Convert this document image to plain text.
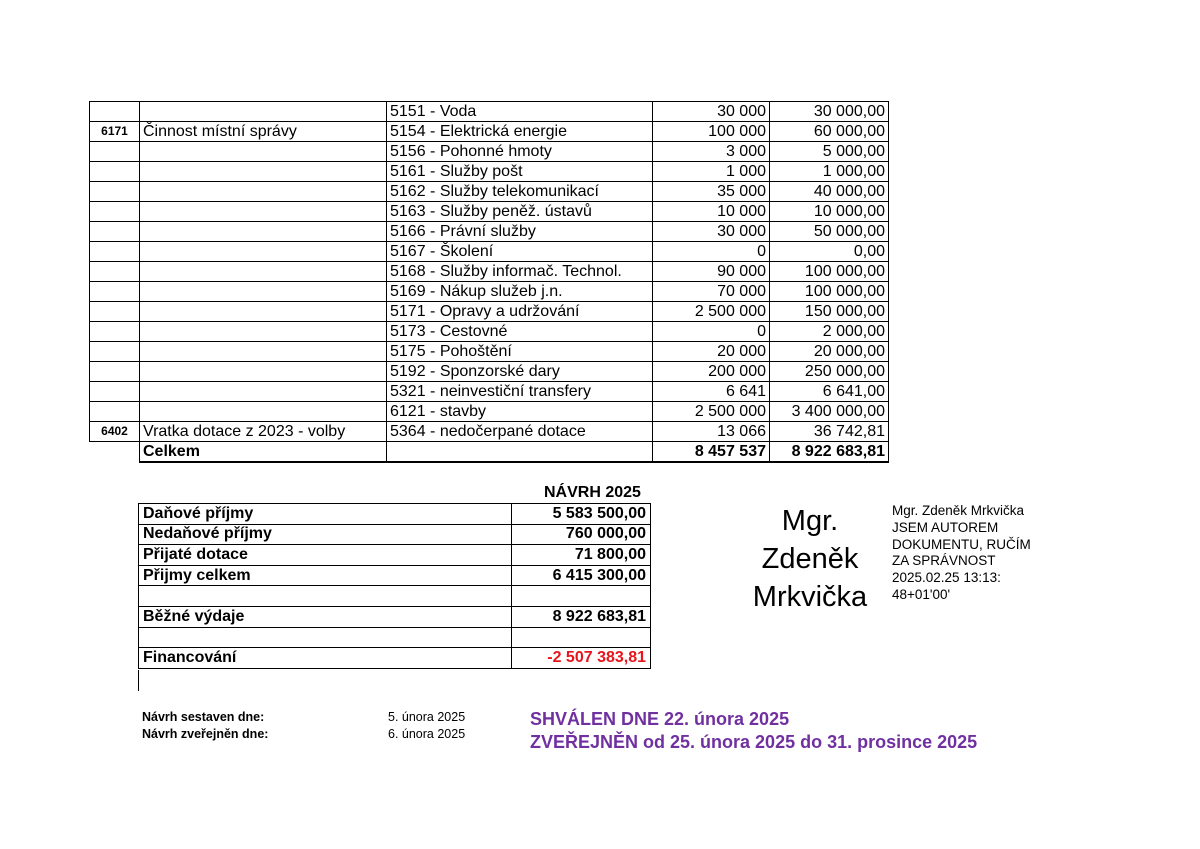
		5151 - Voda	30 000	30 000,00
6171	Činnost místní správy	5154 - Elektrická energie	100 000	60 000,00
		5156 - Pohonné hmoty	3 000	5 000,00
		5161 - Služby pošt	1 000	1 000,00
		5162 - Služby telekomunikací	35 000	40 000,00
		5163 - Služby peněž. ústavů	10 000	10 000,00
		5166 - Právní služby	30 000	50 000,00
		5167 - Školení	0	0,00
		5168 - Služby informač. Technol.	90 000	100 000,00
		5169 - Nákup služeb j.n.	70 000	100 000,00
		5171 - Opravy a udržování	2 500 000	150 000,00
		5173 - Cestovné	0	2 000,00
		5175 - Pohoštění	20 000	20 000,00
		5192 - Sponzorské dary	200 000	250 000,00
		5321 - neinvestiční transfery	6 641	6 641,00
		6121 - stavby	2 500 000	3 400 000,00
6402	Vratka dotace z 2023 - volby	5364 - nedočerpané dotace	13 066	36 742,81
	Celkem		8 457 537	8 922 683,81
NÁVRH 2025
Daňové příjmy	5 583 500,00
Nedaňové příjmy	760 000,00
Přijaté dotace	71 800,00
Přijmy celkem	6 415 300,00

Běžné výdaje	8 922 683,81

Financování	-2 507 383,81
Mgr.
Zdeněk
Mrkvička
Mgr. Zdeněk Mrkvička
JSEM AUTOREM
DOKUMENTU, RUČÍM
ZA SPRÁVNOST
2025.02.25 13:13:
48+01'00'
Návrh sestaven dne:	5. února 2025
Návrh zveřejněn dne:	6. února 2025
SHVÁLEN DNE 22. února 2025
ZVEŘEJNĚN od 25. února 2025 do 31. prosince 2025
